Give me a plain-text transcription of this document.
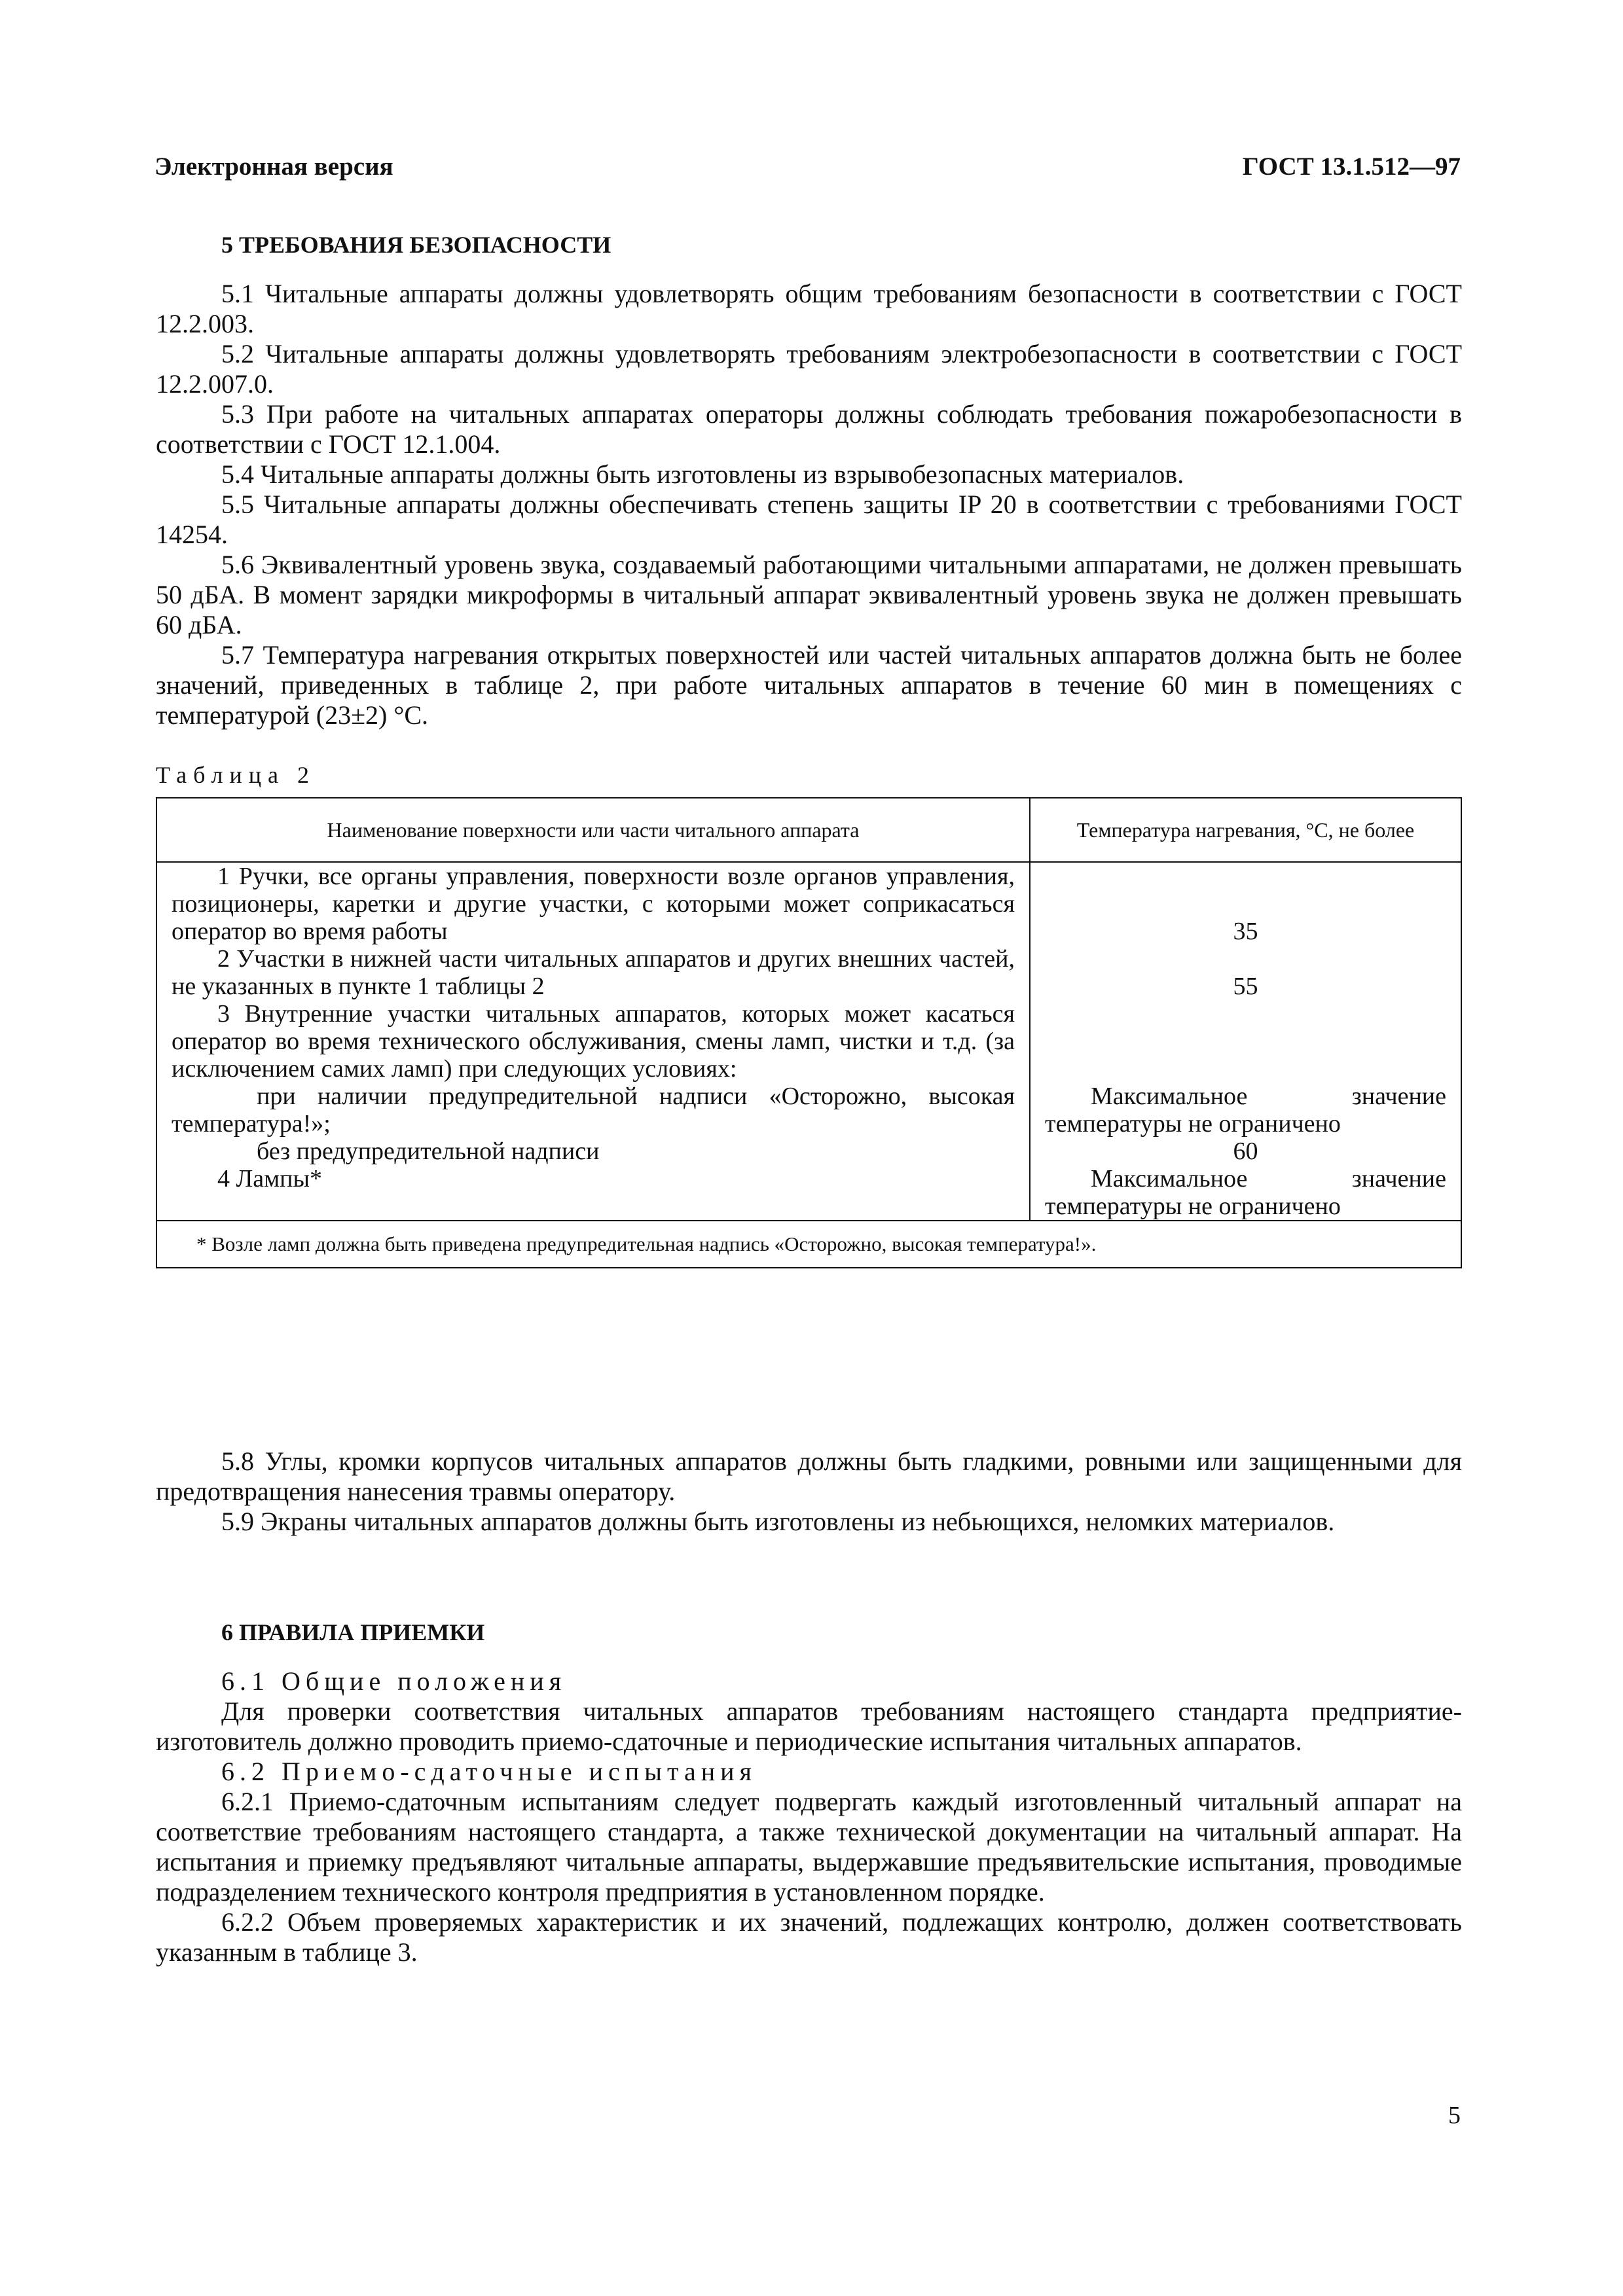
Электронная версия	ГОСТ 13.1.512—97
5 ТРЕБОВАНИЯ БЕЗОПАСНОСТИ

5.1 Читальные аппараты должны удовлетворять общим требованиям безопасности в соответствии с ГОСТ 12.2.003.

5.2 Читальные аппараты должны удовлетворять требованиям электробезопасности в соответствии с ГОСТ 12.2.007.0.

5.3 При работе на читальных аппаратах операторы должны соблюдать требования пожаробезопасности в соответствии с ГОСТ 12.1.004.

5.4 Читальные аппараты должны быть изготовлены из взрывобезопасных материалов.

5.5 Читальные аппараты должны обеспечивать степень защиты IP 20 в соответствии с требованиями ГОСТ 14254.

5.6 Эквивалентный уровень звука, создаваемый работающими читальными аппаратами, не должен превышать 50 дБА. В момент зарядки микроформы в читальный аппарат эквивалентный уровень звука не должен превышать 60 дБА.

5.7 Температура нагревания открытых поверхностей или частей читальных аппаратов должна быть не более значений, приведенных в таблице 2, при работе читальных аппаратов в течение 60 мин в помещениях с температурой (23±2) °С.

Таблица 2
Наименование поверхности или части читального аппарата	Температура нагревания, °С, не более
1 Ручки, все органы управления, поверхности возле органов управления, позиционеры, каретки и другие участки, с которыми может соприкасаться оператор во время работы	35
2 Участки в нижней части читальных аппаратов и других внешних частей, не указанных в пункте 1 таблицы 2	55
3 Внутренние участки читальных аппаратов, которых может касаться оператор во время технического обслуживания, смены ламп, чистки и т.д. (за исключением самих ламп) при следующих условиях:	
при наличии предупредительной надписи «Осторожно, высокая температура!»;	Максимальное значение температуры не ограничено
без предупредительной надписи	60
4 Лампы*	Максимальное значение температуры не ограничено
* Возле ламп должна быть приведена предупредительная надпись «Осторожно, высокая температура!».	

5.8 Углы, кромки корпусов читальных аппаратов должны быть гладкими, ровными или защищенными для предотвращения нанесения травмы оператору.

5.9 Экраны читальных аппаратов должны быть изготовлены из небьющихся, неломких материалов.

6 ПРАВИЛА ПРИЕМКИ

6.1 Общие положения

Для проверки соответствия читальных аппаратов требованиям настоящего стандарта предприятие-изготовитель должно проводить приемо-сдаточные и периодические испытания читальных аппаратов.

6.2 Приемо-сдаточные испытания

6.2.1 Приемо-сдаточным испытаниям следует подвергать каждый изготовленный читальный аппарат на соответствие требованиям настоящего стандарта, а также технической документации на читальный аппарат. На испытания и приемку предъявляют читальные аппараты, выдержавшие предъявительские испытания, проводимые подразделением технического контроля предприятия в установленном порядке.

6.2.2 Объем проверяемых характеристик и их значений, подлежащих контролю, должен соответствовать указанным в таблице 3.

5
